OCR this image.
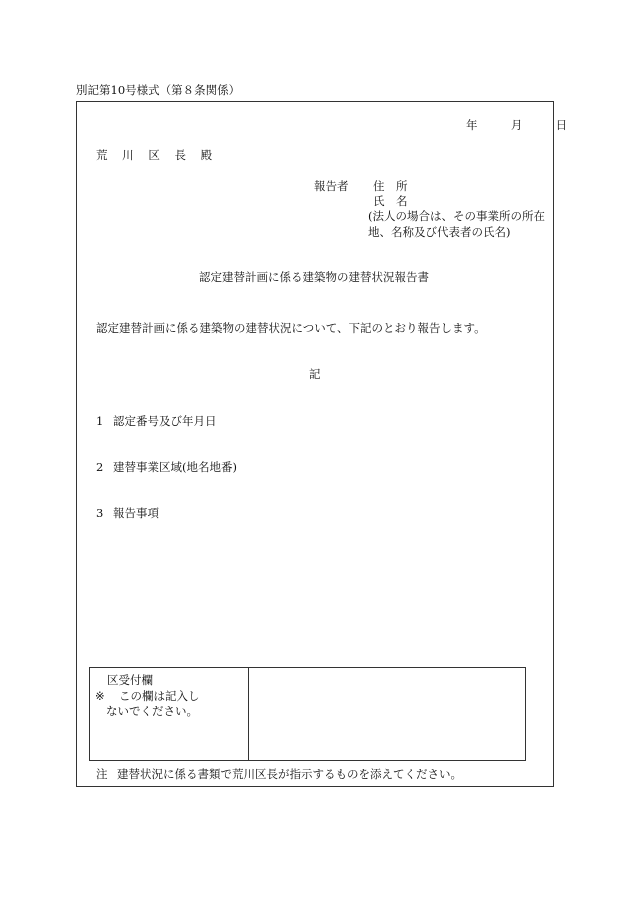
別記第10号様式（第８条関係）
年	月	日
荒 川 区 長 殿
報告者 住　所
氏　名
(法人の場合は、その事業所の所在
地、名称及び代表者の氏名)
認定建替計画に係る建築物の建替状況報告書
認定建替計画に係る建築物の建替状況について、下記のとおり報告します。
記
1 認定番号及び年月日
2 建替事業区域(地名地番)
3 報告事項
区受付欄
※ この欄は記入し
ないでください。
注 建替状況に係る書類で荒川区長が指示するものを添えてください。
